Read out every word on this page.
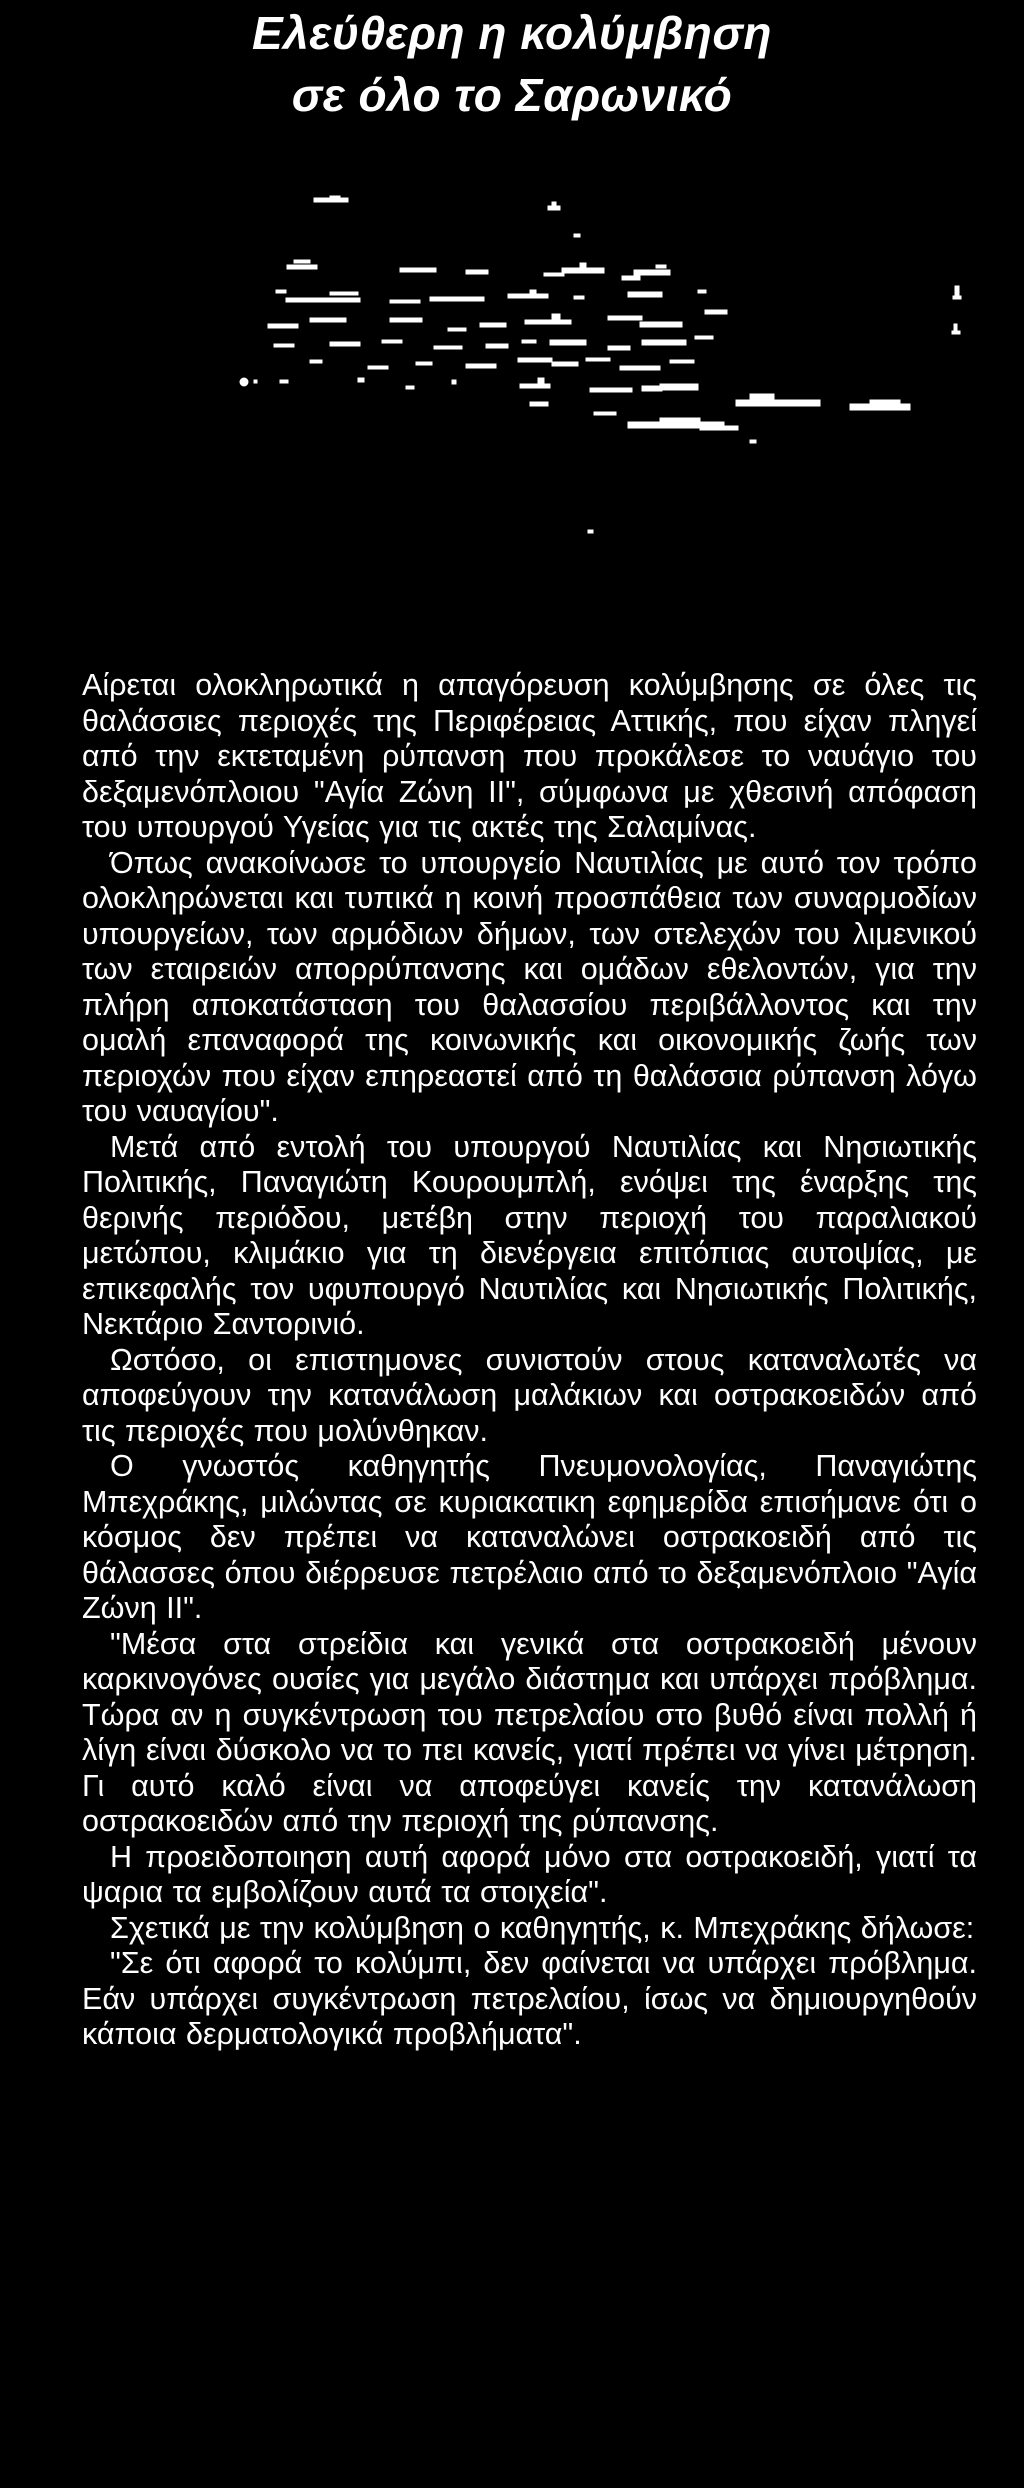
Ελεύθερη η κολύμβηση
σε όλο το Σαρωνικό

Αίρεται ολοκληρωτικά η απαγόρευση κολύμβησης σε όλες τις θαλάσσιες περιοχές της Περιφέρειας Αττικής, που είχαν πληγεί από την εκτεταμένη ρύπανση που προκάλεσε το ναυάγιο του δεξαμενόπλοιου "Αγία Ζώνη ΙΙ", σύμφωνα με χθεσινή απόφαση του υπουργού Υγείας για τις ακτές της Σαλαμίνας.

Όπως ανακοίνωσε το υπουργείο Ναυτιλίας με αυτό τον τρόπο ολοκληρώνεται και τυπικά η κοινή προσπάθεια των συναρμοδίων υπουργείων, των αρμόδιων δήμων, των στελεχών του λιμενικού των εταιρειών απορρύπανσης και ομάδων εθελοντών, για την πλήρη αποκατάσταση του θαλασσίου περιβάλλοντος και την ομαλή επαναφορά της κοινωνικής και οικονομικής ζωής των περιοχών που είχαν επηρεαστεί από τη θαλάσσια ρύπανση λόγω του ναυαγίου".

Μετά από εντολή του υπουργού Ναυτιλίας και Νησιωτικής Πολιτικής, Παναγιώτη Κουρουμπλή, ενόψει της έναρξης της θερινής περιόδου, μετέβη στην περιοχή του παραλιακού μετώπου, κλιμάκιο για τη διενέργεια επιτόπιας αυτοψίας, με επικεφαλής τον υφυπουργό Ναυτιλίας και Νησιωτικής Πολιτικής, Νεκτάριο Σαντορινιό.

Ωστόσο, οι επιστημονες συνιστούν στους καταναλωτές να αποφεύγουν την κατανάλωση μαλάκιων και οστρακοειδών από τις περιοχές που μολύνθηκαν.

Ο γνωστός καθηγητής Πνευμονολογίας, Παναγιώτης Μπεχράκης, μιλώντας σε κυριακατικη εφημερίδα επισήμανε ότι ο κόσμος δεν πρέπει να καταναλώνει οστρακοειδή από τις θάλασσες όπου διέρρευσε πετρέλαιο από το δεξαμενόπλοιο "Αγία Ζώνη ΙΙ".

"Μέσα στα στρείδια και γενικά στα οστρακοειδή μένουν καρκινογόνες ουσίες για μεγάλο διάστημα και υπάρχει πρόβλημα. Τώρα αν η συγκέντρωση του πετρελαίου στο βυθό είναι πολλή ή λίγη είναι δύσκολο να το πει κανείς, γιατί πρέπει να γίνει μέτρηση. Γι αυτό καλό είναι να αποφεύγει κανείς την κατανάλωση οστρακοειδών από την περιοχή της ρύπανσης.

Η προειδοποιηση αυτή αφορά μόνο στα οστρακοειδή, γιατί τα ψαρια τα εμβολίζουν αυτά τα στοιχεία".

Σχετικά με την κολύμβηση ο καθηγητής, κ. Μπεχράκης δήλωσε:

"Σε ότι αφορά το κολύμπι, δεν φαίνεται να υπάρχει πρόβλημα. Εάν υπάρχει συγκέντρωση πετρελαίου, ίσως να δημιουργηθούν κάποια δερματολογικά προβλήματα".
